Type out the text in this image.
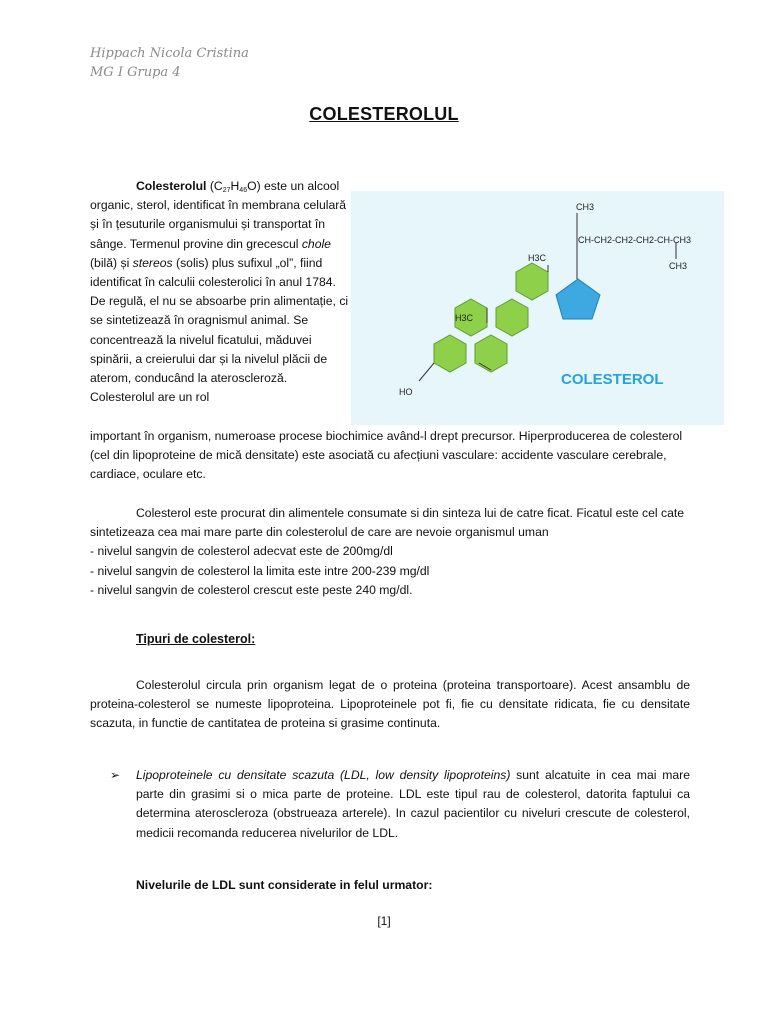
Hippach Nicola Cristina
MG I Grupa 4
COLESTEROLUL
Colesterolul $(C_{27}H_{46}O)$ este un alcool organic, sterol, identificat în membrana celulară și în țesuturile organismului și transportat în sânge. Termenul provine din grecescul chole (bilă) și stereos (solis) plus sufixul „ol”, fiind identificat în calculii colesterolici în anul 1784. De regulă, el nu se absoarbe prin alimentație, ci se sintetizează în oragnismul animal. Se concentrează la nivelul ficatului, măduvei spinării, a creierului dar și la nivelul plăcii de aterom, conducând la ateroscleroză. Colesterolul are un rol
important în organism, numeroase procese biochimice având-l drept precursor. Hiperproducerea de colesterol (cel din lipoproteine de mică densitate) este asociată cu afecțiuni vasculare: accidente vasculare cerebrale, cardiace, oculare etc.
CH3
CH-CH2-CH2-CH2-CH-CH3
CH3
H3C
H3C
HO
COLESTEROL
Colesterol este procurat din alimentele consumate si din sinteza lui de catre ficat. Ficatul este cel cate sintetizeaza cea mai mare parte din colesterolul de care are nevoie organismul uman
- nivelul sangvin de colesterol adecvat este de 200mg/dl
- nivelul sangvin de colesterol la limita este intre 200-239 mg/dl
- nivelul sangvin de colesterol crescut este peste 240 mg/dl.
Tipuri de colesterol:
Colesterolul circula prin organism legat de o proteina (proteina transportoare). Acest ansamblu de proteina-colesterol se numeste lipoproteina. Lipoproteinele pot fi, fie cu densitate ridicata, fie cu densitate scazuta, in functie de cantitatea de proteina si grasime continuta.
➢ Lipoproteinele cu densitate scazuta (LDL, low density lipoproteins) sunt alcatuite in cea mai mare parte din grasimi si o mica parte de proteine. LDL este tipul rau de colesterol, datorita faptului ca determina ateroscleroza (obstrueaza arterele). In cazul pacientilor cu niveluri crescute de colesterol, medicii recomanda reducerea nivelurilor de LDL.
Nivelurile de LDL sunt considerate in felul urmator:
[1]
